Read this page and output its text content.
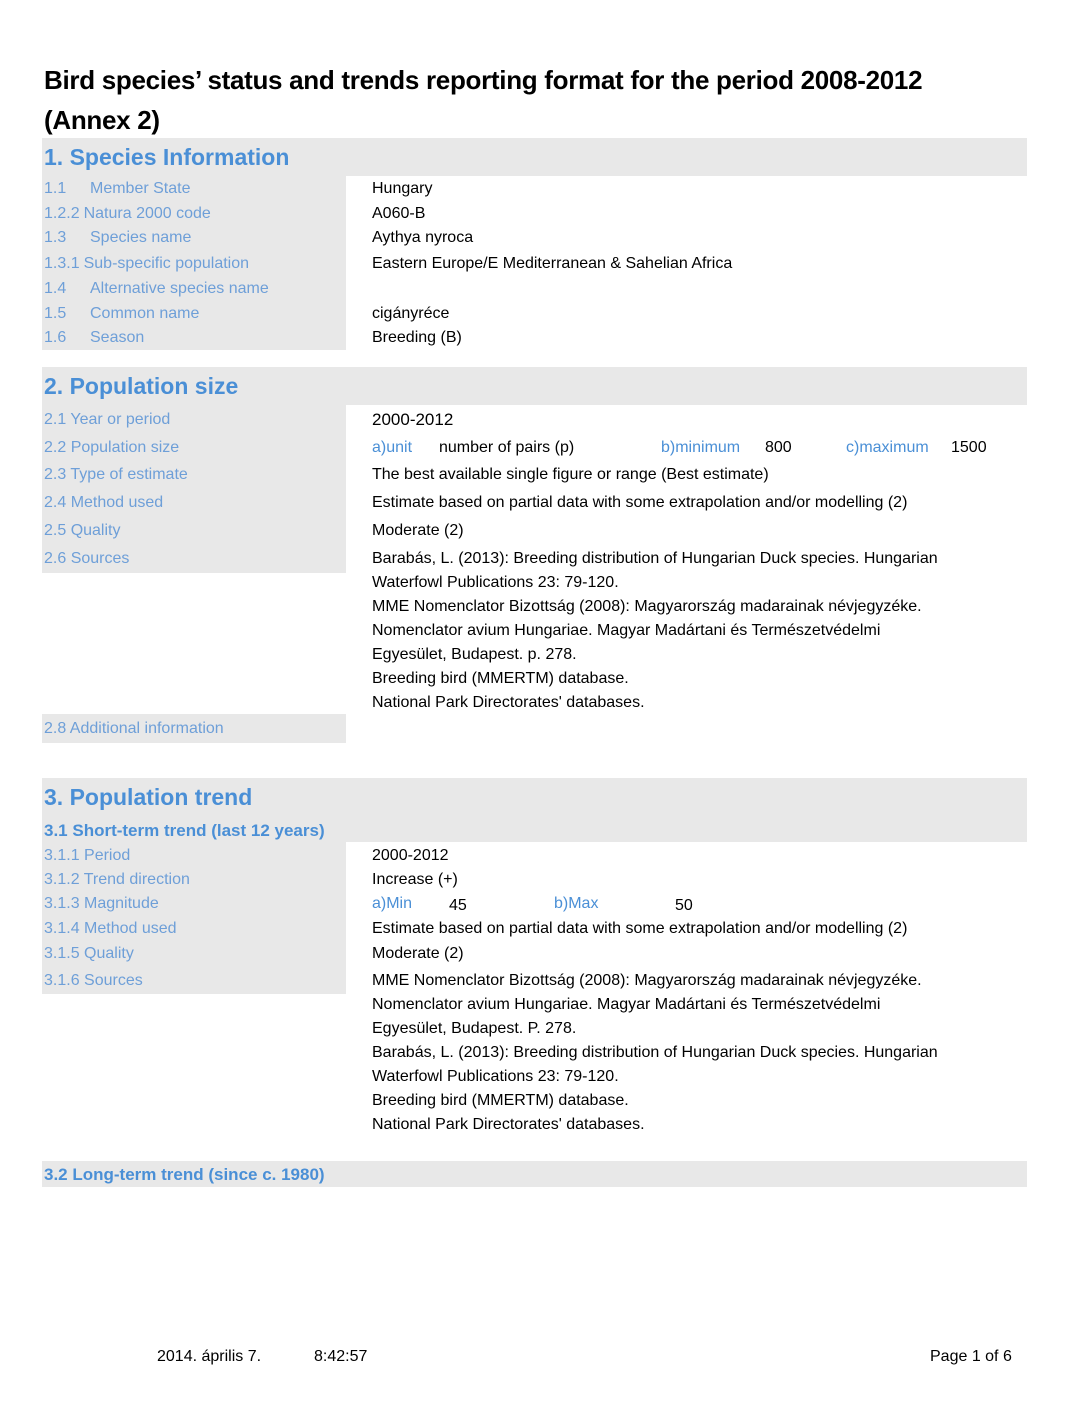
Bird species’ status and trends reporting format for the period 2008-2012
(Annex 2)
1. Species Information
1.1 Member State	Hungary
1.2.2 Natura 2000 code	A060-B
1.3 Species name	Aythya nyroca
1.3.1 Sub-specific population	Eastern Europe/E Mediterranean & Sahelian Africa
1.4 Alternative species name
1.5 Common name	cigányréce
1.6 Season	Breeding (B)
2. Population size
2.1 Year or period	2000-2012
2.2 Population size	a)unit number of pairs (p)	b)minimum 800	c)maximum 1500
2.3 Type of estimate	The best available single figure or range (Best estimate)
2.4 Method used	Estimate based on partial data with some extrapolation and/or modelling (2)
2.5 Quality	Moderate (2)
2.6 Sources	Barabás, L. (2013): Breeding distribution of Hungarian Duck species. Hungarian
Waterfowl Publications 23: 79-120.
MME Nomenclator Bizottság (2008): Magyarország madarainak névjegyzéke.
Nomenclator avium Hungariae. Magyar Madártani és Természetvédelmi
Egyesület, Budapest. p. 278.
Breeding bird (MMERTM) database.
National Park Directorates' databases.
2.8 Additional information
3. Population trend
3.1 Short-term trend (last 12 years)
3.1.1 Period	2000-2012
3.1.2 Trend direction	Increase (+)
3.1.3 Magnitude	a)Min 45	b)Max	50
3.1.4 Method used	Estimate based on partial data with some extrapolation and/or modelling (2)
3.1.5 Quality	Moderate (2)
3.1.6 Sources	MME Nomenclator Bizottság (2008): Magyarország madarainak névjegyzéke.
Nomenclator avium Hungariae. Magyar Madártani és Természetvédelmi
Egyesület, Budapest. P. 278.
Barabás, L. (2013): Breeding distribution of Hungarian Duck species. Hungarian
Waterfowl Publications 23: 79-120.
Breeding bird (MMERTM) database.
National Park Directorates' databases.
3.2 Long-term trend (since c. 1980)
2014. április 7.	8:42:57	Page 1 of 6
